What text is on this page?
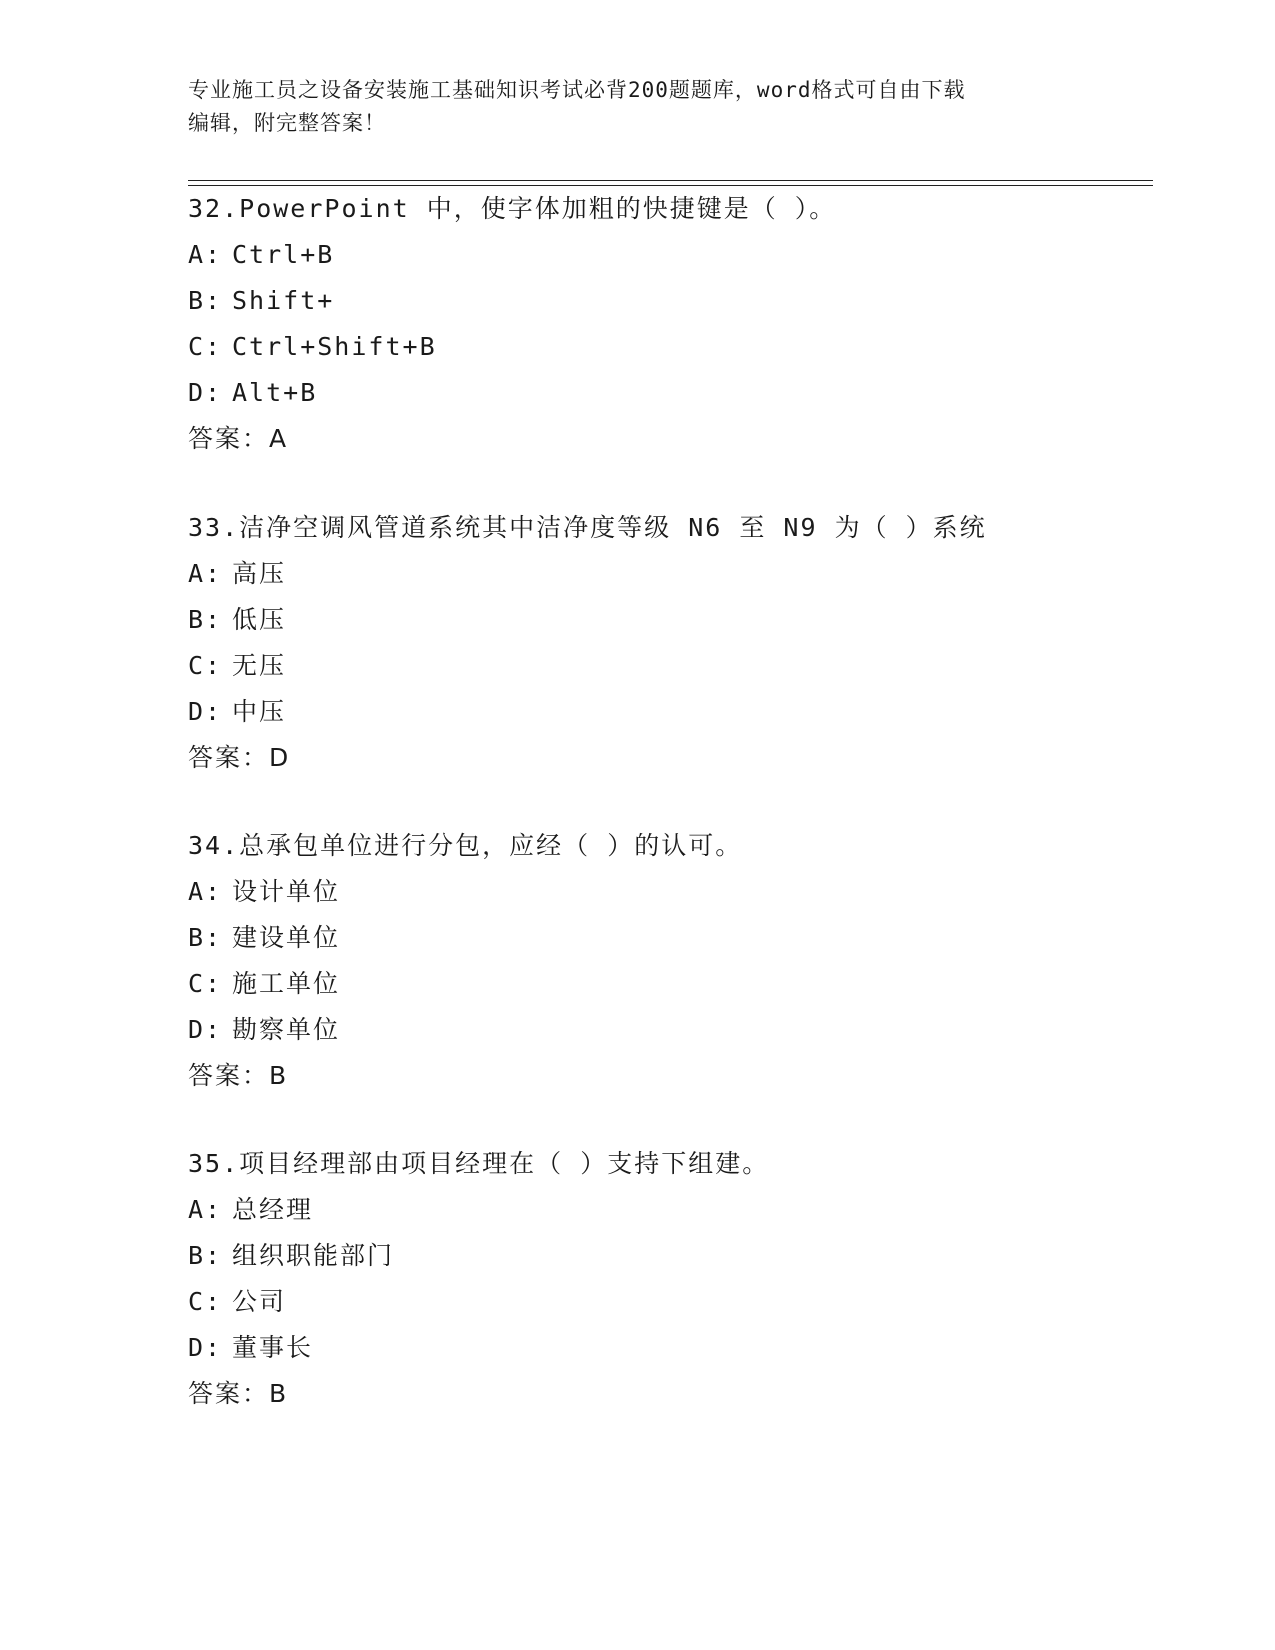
专业施工员之设备安装施工基础知识考试必背200题题库，word格式可自由下载
编辑，附完整答案！
32.PowerPoint 中，使字体加粗的快捷键是（ ）。
A: Ctrl+B
B: Shift+
C: Ctrl+Shift+B
D: Alt+B
答案：A
33.洁净空调风管道系统其中洁净度等级 N6 至 N9 为（ ）系统
A: 高压
B: 低压
C: 无压
D: 中压
答案：D
34.总承包单位进行分包，应经（ ）的认可。
A: 设计单位
B: 建设单位
C: 施工单位
D: 勘察单位
答案：B
35.项目经理部由项目经理在（ ）支持下组建。
A: 总经理
B: 组织职能部门
C: 公司
D: 董事长
答案：B
